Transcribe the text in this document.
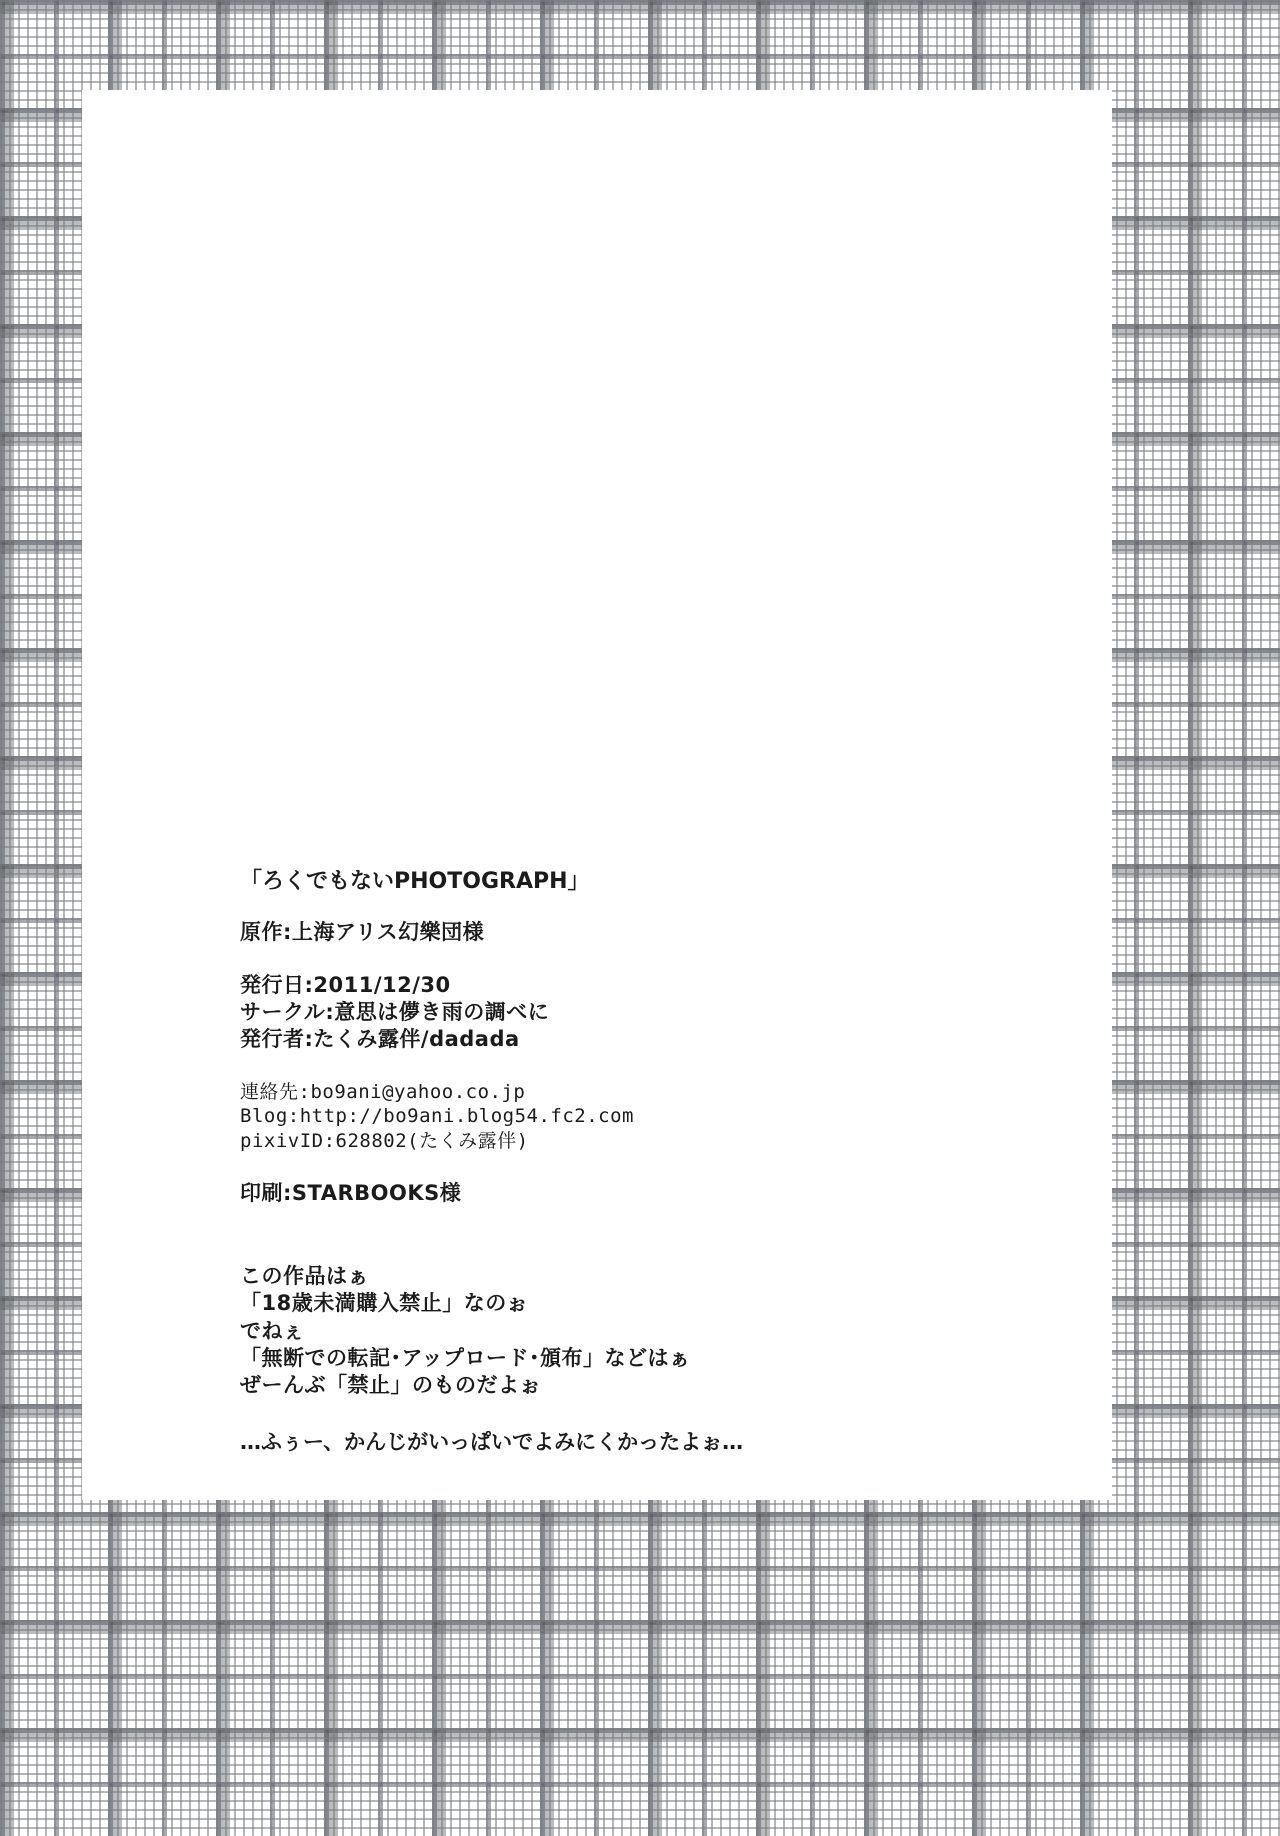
「ろくでもないPHOTOGRAPH」
原作:上海アリス幻樂団様
発行日:2011/12/30
サークル:意思は儚き雨の調べに
発行者:たくみ露伴/dadada
連絡先:bo9ani@yahoo.co.jp
Blog:http://bo9ani.blog54.fc2.com
pixivID:628802(たくみ露伴)
印刷:STARBOOKS様
この作品はぁ
「18歳未満購入禁止」なのぉ
でねぇ
「無断での転記･アップロード･頒布」などはぁ
ぜーんぶ「禁止」のものだよぉ
…ふぅー、かんじがいっぱいでよみにくかったよぉ…
